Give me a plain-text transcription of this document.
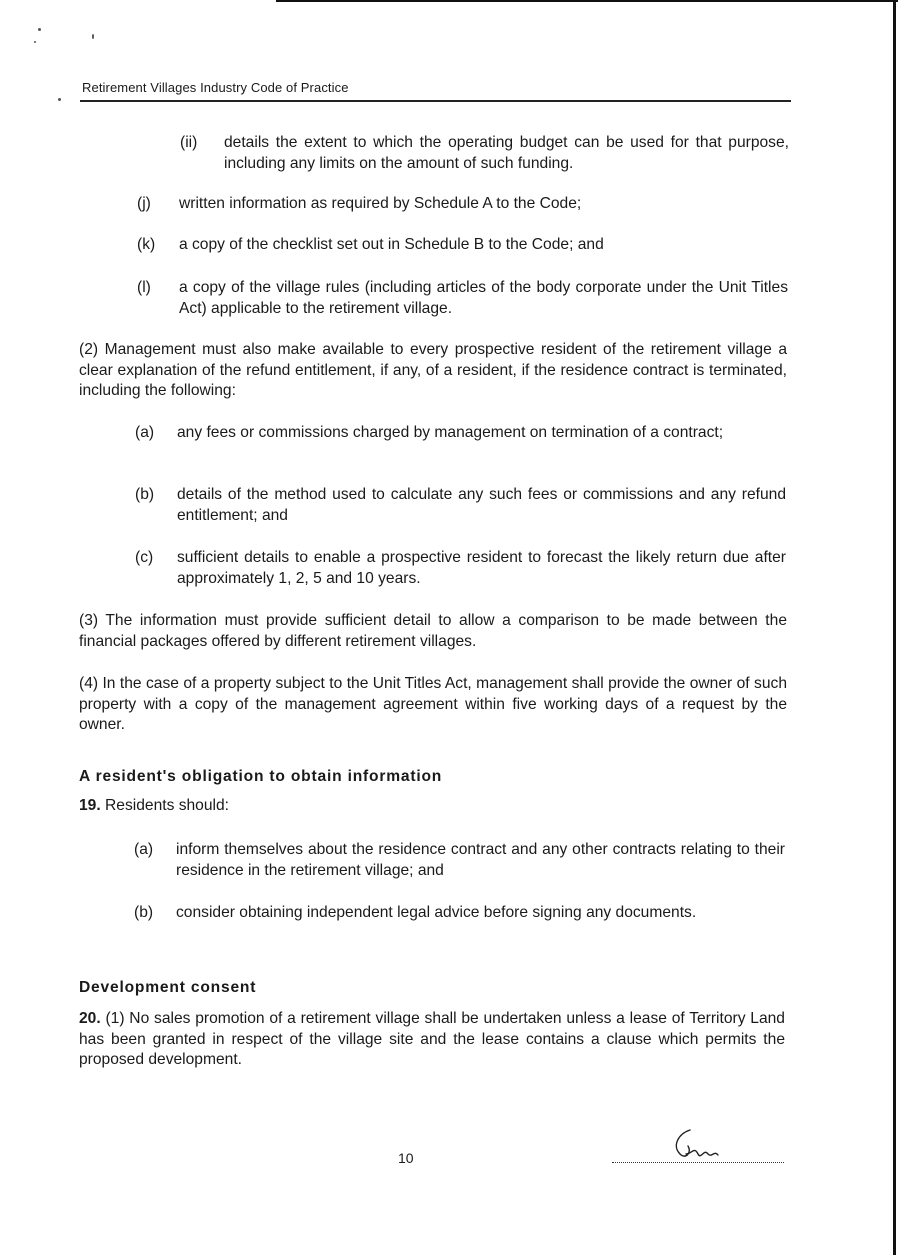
Retirement Villages Industry Code of Practice
(ii) details the extent to which the operating budget can be used for that purpose, including any limits on the amount of such funding.
(j) written information as required by Schedule A to the Code;
(k) a copy of the checklist set out in Schedule B to the Code; and
(l) a copy of the village rules (including articles of the body corporate under the Unit Titles Act) applicable to the retirement village.
(2) Management must also make available to every prospective resident of the retirement village a clear explanation of the refund entitlement, if any, of a resident, if the residence contract is terminated, including the following:
(a) any fees or commissions charged by management on termination of a contract;
(b) details of the method used to calculate any such fees or commissions and any refund entitlement; and
(c) sufficient details to enable a prospective resident to forecast the likely return due after approximately 1, 2, 5 and 10 years.
(3) The information must provide sufficient detail to allow a comparison to be made between the financial packages offered by different retirement villages.
(4) In the case of a property subject to the Unit Titles Act, management shall provide the owner of such property with a copy of the management agreement within five working days of a request by the owner.
A resident's obligation to obtain information
19. Residents should:
(a) inform themselves about the residence contract and any other contracts relating to their residence in the retirement village; and
(b) consider obtaining independent legal advice before signing any documents.
Development consent
20. (1) No sales promotion of a retirement village shall be undertaken unless a lease of Territory Land has been granted in respect of the village site and the lease contains a clause which permits the proposed development.
10
